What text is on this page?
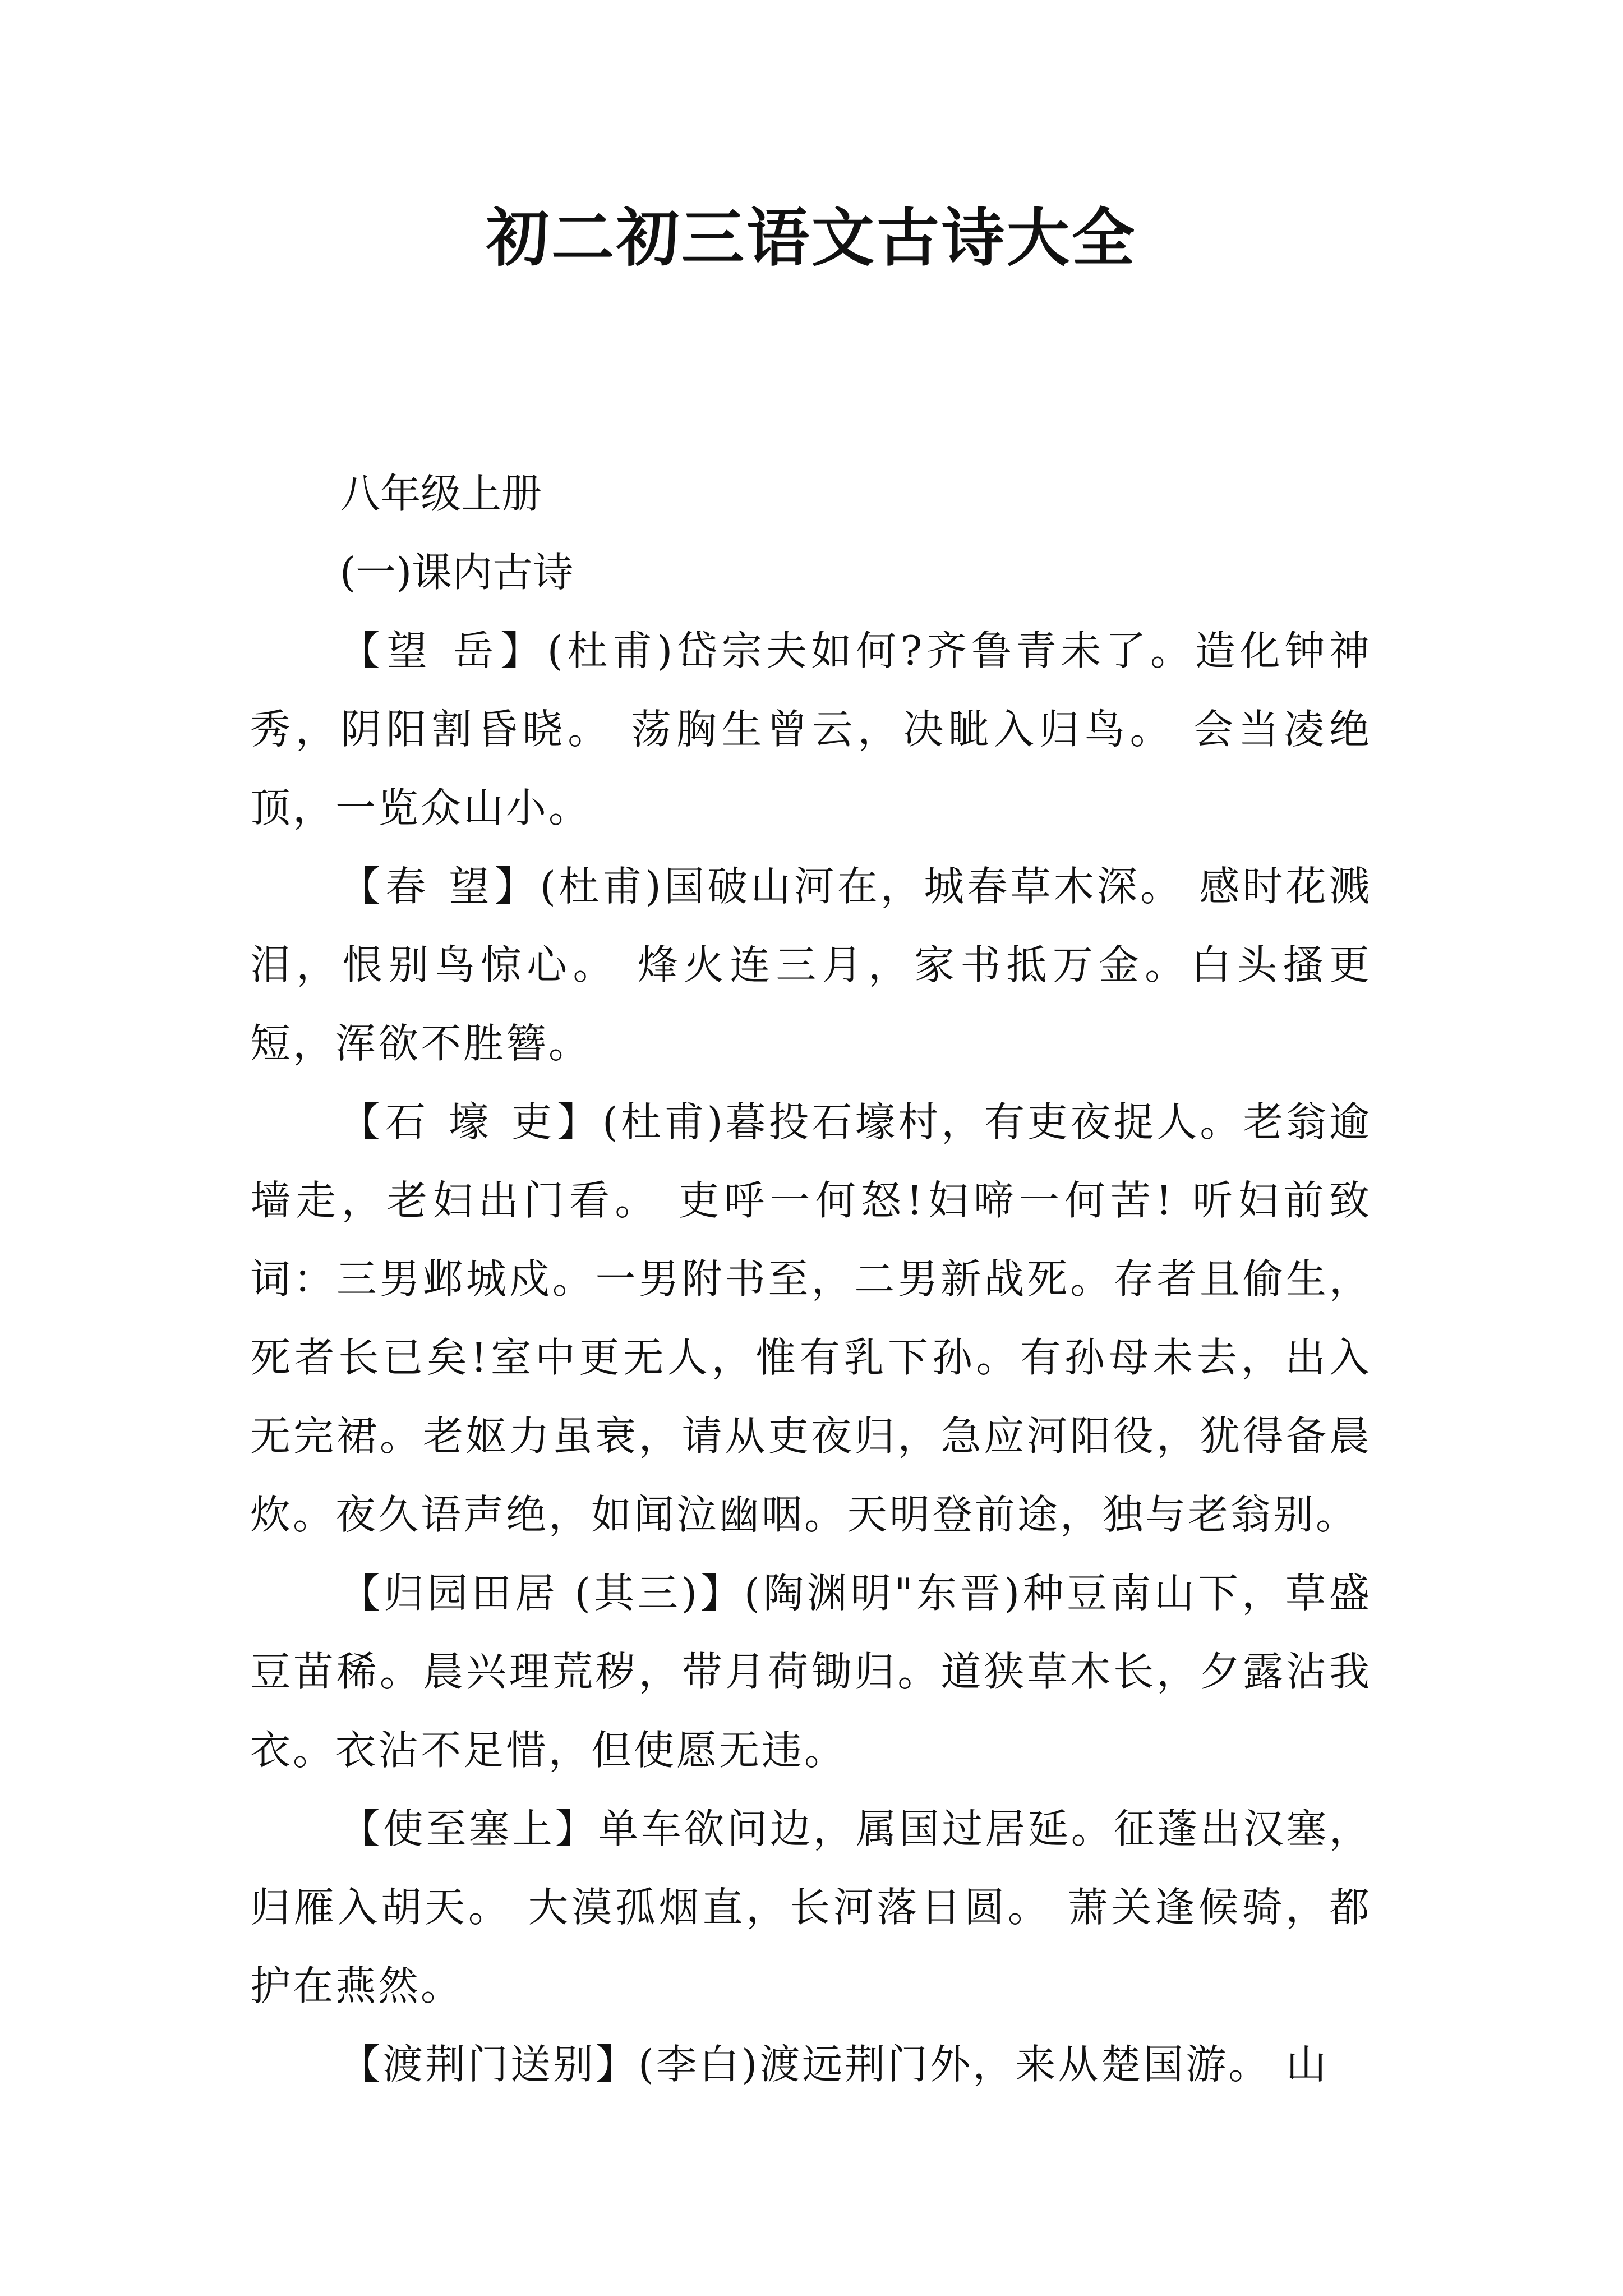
初二初三语文古诗大全

八年级上册

(一)课内古诗

【望 岳】(杜甫)岱宗夫如何?齐鲁青未了。造化钟神秀，阴阳割昏晓。 荡胸生曾云，决眦入归鸟。 会当凌绝顶，一览众山小。

【春 望】(杜甫)国破山河在，城春草木深。 感时花溅泪，恨别鸟惊心。 烽火连三月，家书抵万金。白头搔更短，浑欲不胜簪。

【石 壕 吏】(杜甫)暮投石壕村，有吏夜捉人。老翁逾墙走，老妇出门看。 吏呼一何怒!妇啼一何苦! 听妇前致词：三男邺城戍。一男附书至，二男新战死。存者且偷生，死者长已矣!室中更无人，惟有乳下孙。有孙母未去，出入无完裙。老妪力虽衰，请从吏夜归，急应河阳役，犹得备晨炊。夜久语声绝，如闻泣幽咽。天明登前途，独与老翁别。

【归园田居 (其三)】(陶渊明"东晋)种豆南山下，草盛豆苗稀。晨兴理荒秽，带月荷锄归。道狭草木长，夕露沾我衣。衣沾不足惜，但使愿无违。

【使至塞上】单车欲问边，属国过居延。征蓬出汉塞，归雁入胡天。 大漠孤烟直，长河落日圆。 萧关逢候骑，都护在燕然。

【渡荆门送别】(李白)渡远荆门外，来从楚国游。 山
